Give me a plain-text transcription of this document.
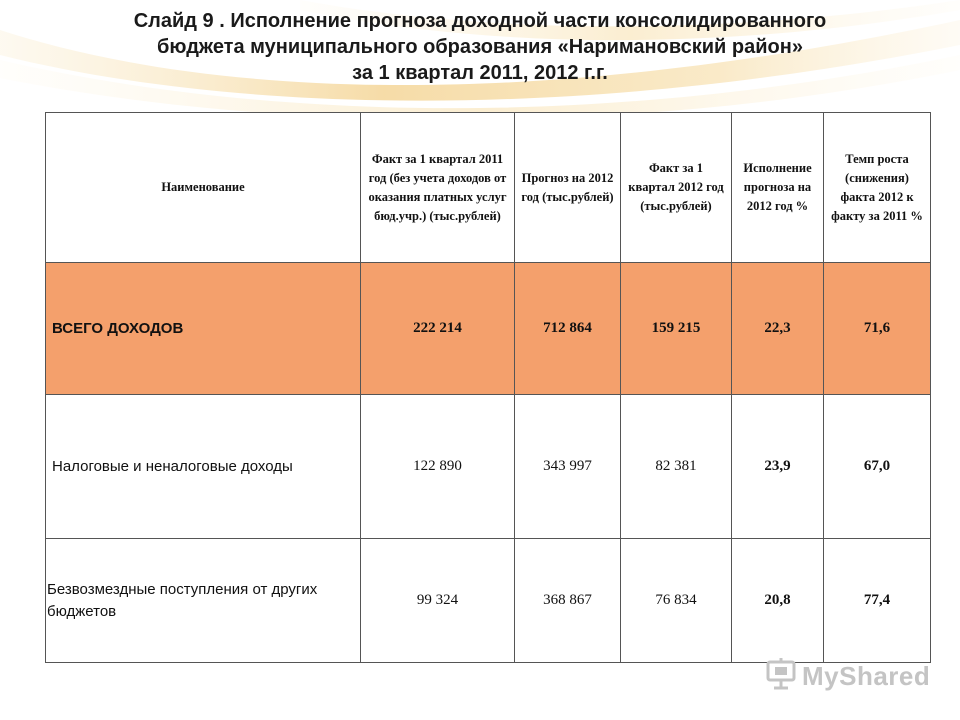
Слайд 9 . Исполнение прогноза доходной части консолидированного
бюджета муниципального образования «Наримановский район»
за 1 квартал 2011, 2012 г.г.
Наименование	Факт за 1 квартал 2011 год (без учета доходов от оказания платных услуг бюд.учр.) (тыс.рублей)	Прогноз на 2012 год (тыс.рублей)	Факт за 1 квартал 2012 год (тыс.рублей)	Исполнение прогноза на 2012 год %	Темп роста (снижения) факта 2012 к факту за 2011 %
ВСЕГО ДОХОДОВ	222 214	712 864	159 215	22,3	71,6
Налоговые и неналоговые доходы	122 890	343 997	82 381	23,9	67,0
Безвозмездные поступления от других бюджетов	99 324	368 867	76 834	20,8	77,4
MyShared
